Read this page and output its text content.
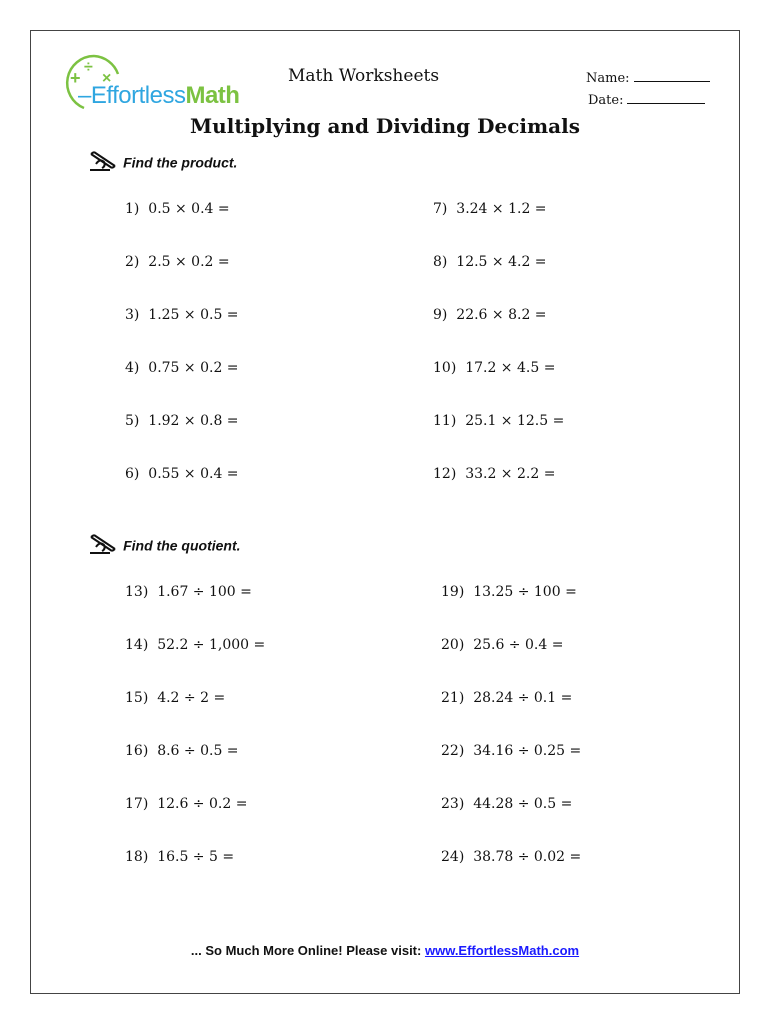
+
÷
×
‒EffortlessMath
Math Worksheets	Name:
Date:
Multiplying and Dividing Decimals
Find the product.
1) 0.5 × 0.4 =
2) 2.5 × 0.2 =
3) 1.25 × 0.5 =
4) 0.75 × 0.2 =
5) 1.92 × 0.8 =
6) 0.55 × 0.4 =
7) 3.24 × 1.2 =
8) 12.5 × 4.2 =
9) 22.6 × 8.2 =
10) 17.2 × 4.5 =
11) 25.1 × 12.5 =
12) 33.2 × 2.2 =
Find the quotient.
13) 1.67 ÷ 100 =
14) 52.2 ÷ 1,000 =
15) 4.2 ÷ 2 =
16) 8.6 ÷ 0.5 =
17) 12.6 ÷ 0.2 =
18) 16.5 ÷ 5 =
19) 13.25 ÷ 100 =
20) 25.6 ÷ 0.4 =
21) 28.24 ÷ 0.1 =
22) 34.16 ÷ 0.25 =
23) 44.28 ÷ 0.5 =
24) 38.78 ÷ 0.02 =
... So Much More Online! Please visit: www.EffortlessMath.com
